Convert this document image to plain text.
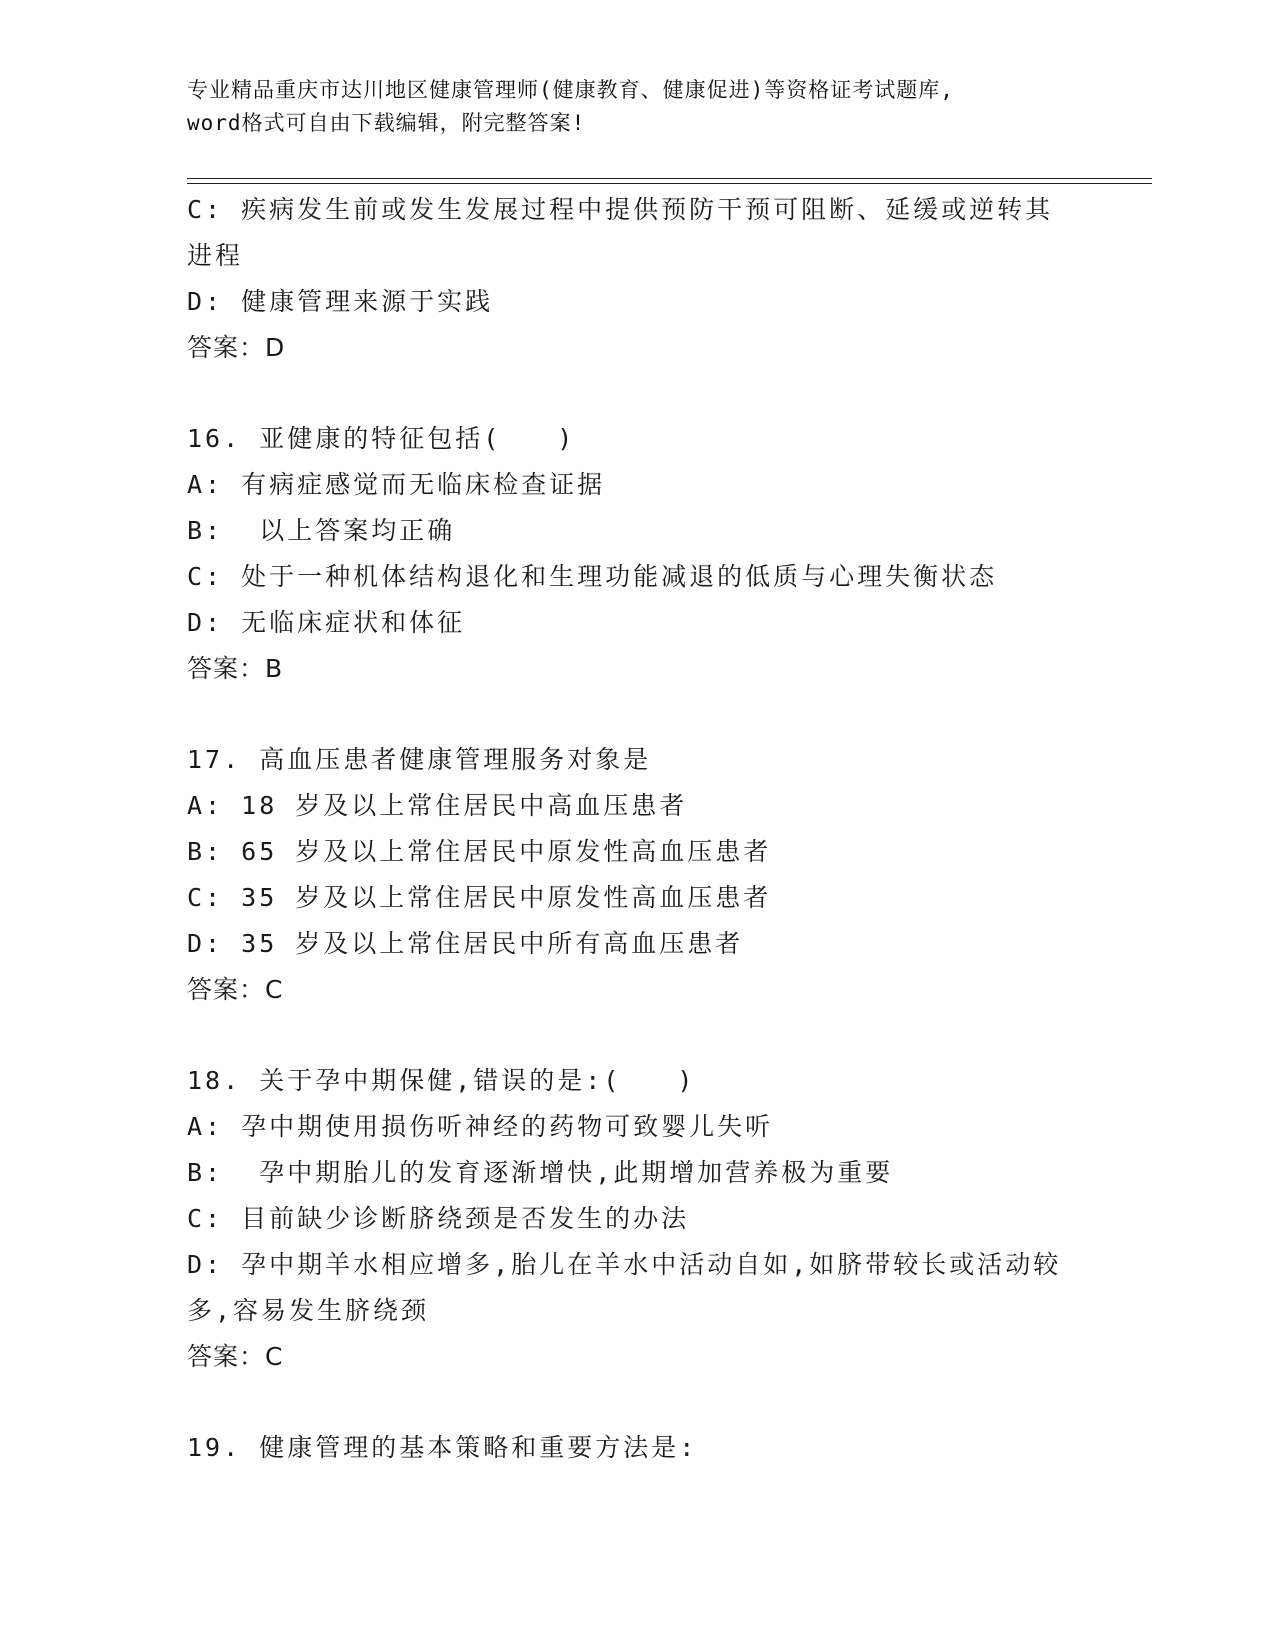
专业精品重庆市达川地区健康管理师(健康教育、健康促进)等资格证考试题库,
word格式可自由下载编辑，附完整答案!
C: 疾病发生前或发生发展过程中提供预防干预可阻断、延缓或逆转其
进程
D: 健康管理来源于实践
答案：D
16. 亚健康的特征包括(　　)
A: 有病症感觉而无临床检查证据
B:  以上答案均正确
C: 处于一种机体结构退化和生理功能减退的低质与心理失衡状态
D: 无临床症状和体征
答案：B
17. 高血压患者健康管理服务对象是
A: 18 岁及以上常住居民中高血压患者
B: 65 岁及以上常住居民中原发性高血压患者
C: 35 岁及以上常住居民中原发性高血压患者
D: 35 岁及以上常住居民中所有高血压患者
答案：C
18. 关于孕中期保健,错误的是:(　　)
A: 孕中期使用损伤听神经的药物可致婴儿失听
B:  孕中期胎儿的发育逐渐增快,此期增加营养极为重要
C: 目前缺少诊断脐绕颈是否发生的办法
D: 孕中期羊水相应增多,胎儿在羊水中活动自如,如脐带较长或活动较
多,容易发生脐绕颈
答案：C
19. 健康管理的基本策略和重要方法是:
